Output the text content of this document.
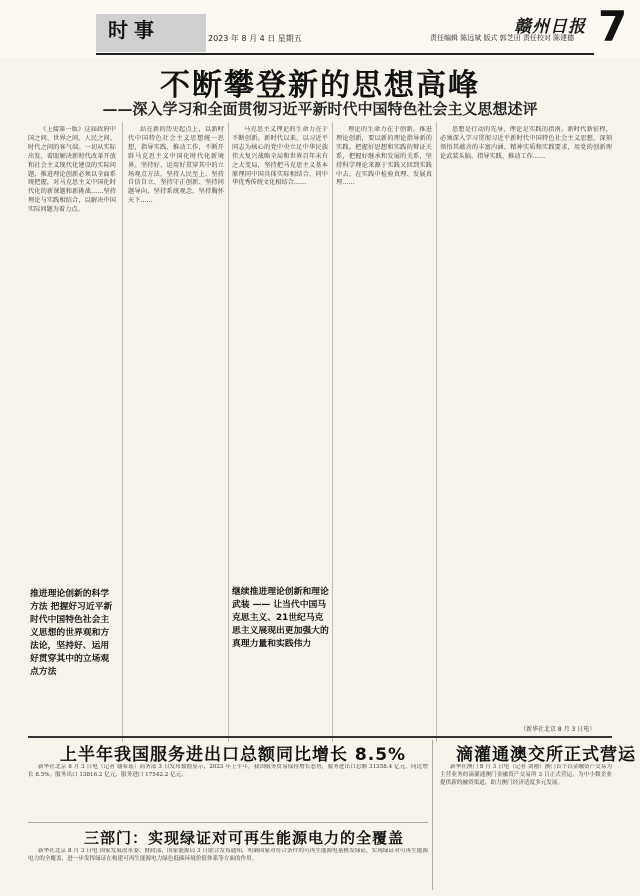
时事	2023 年 8 月 4 日 星期五	责任编辑 陈远斌 版式 郭芝田 责任校对 陈建德
赣州日报 7
不断攀登新的思想高峰
——深入学习和全面贯彻习近平新时代中国特色社会主义思想述评

《上接第一版》这届政府中国之问、世界之问、人民之问、时代之问的客气端。一切从实际出发，着眼解决新时代改革开放和社会主义现代化建设的实际问题，推进理论创新必须以全面系统把握，对马克思主义中国化时代化的新课题和新挑战……坚持理论与实践相结合，以解决中国实际问题为着力点。

站在新的历史起点上，以新时代中国特色社会主义思想统一思想，指导实践、推动工作，不断开辟马克思主义中国化时代化新境界。坚持好、运用好贯穿其中的立场观点方法，坚持人民至上、坚持自信自立、坚持守正创新、坚持问题导向、坚持系统观念、坚持胸怀天下……

马克思主义理论的生命力在于不断创新。新时代以来，以习近平同志为核心的党中央立足中华民族伟大复兴战略全局和世界百年未有之大变局，坚持把马克思主义基本原理同中国具体实际相结合、同中华优秀传统文化相结合……

理论的生命力在于创新。推进理论创新，要以新的理论指导新的实践。把握好思想和实践的辩证关系，把握好继承和发展的关系，坚持科学理论来源于实践又回到实践中去，在实践中检验真理、发展真理……

思想是行动的先导，理论是实践的指南。新时代新征程，必须深入学习贯彻习近平新时代中国特色社会主义思想，深刻领悟其蕴含的丰富内涵、精神实质和实践要求，用党的创新理论武装头脑、指导实践、推动工作……

推进理论创新的科学方法 把握好习近平新时代中国特色社会主义思想的世界观和方法论，坚持好、运用好贯穿其中的立场观点方法
继续推进理论创新和理论武装 —— 让当代中国马克思主义、21世纪马克思主义展现出更加强大的真理力量和实践伟力
（新华社北京 8 月 3 日电）
上半年我国服务进出口总额同比增长 8.5%

新华社北京 8 月 3 日电（记者 谢希瑶）商务部 3 日发布数据显示，2023 年上半年，我国服务贸易保持增长态势，服务进出口总额 31358.4 亿元，同比增长 8.5%。服务出口 13816.2 亿元，服务进口 17542.2 亿元。

滴灌通澳交所正式营运

新华社澳门 8 月 3 日电（记者 刘刚）澳门首个以金融资产交易为主营业务的滴灌通澳门金融资产交易所 3 日正式营运，为中小微企业提供新的融资渠道，助力澳门经济适度多元发展。

三部门：实现绿证对可再生能源电力的全覆盖

新华社北京 8 月 3 日电 国家发展改革委、财政部、国家能源局 3 日联合发布通知，明确国家对符合条件的可再生能源电量核发绿证，实现绿证对可再生能源电力的全覆盖，进一步发挥绿证在构建可再生能源电力绿色低碳环境价值体系等方面的作用。
